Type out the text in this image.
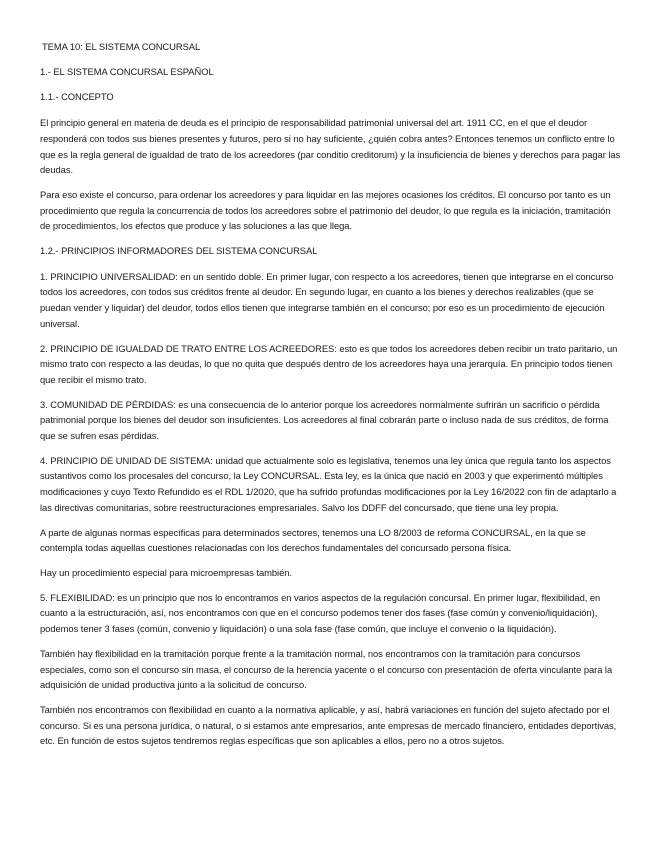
TEMA 10: EL SISTEMA CONCURSAL
1.- EL SISTEMA CONCURSAL ESPAÑOL
1.1.- CONCEPTO

El principio general en materia de deuda es el principio de responsabilidad patrimonial universal del art. 1911 CC, en el que el deudor responderá con todos sus bienes presentes y futuros, pero si no hay suficiente, ¿quién cobra antes? Entonces tenemos un conflicto entre lo que es la regla general de igualdad de trato de los acreedores (par conditio creditorum) y la insuficiencia de bienes y derechos para pagar las deudas.

Para eso existe el concurso, para ordenar los acreedores y para liquidar en las mejores ocasiones los créditos. El concurso por tanto es un procedimiento que regula la concurrencia de todos los acreedores sobre el patrimonio del deudor, lo que regula es la iniciación, tramitación de procedimientos, los efectos que produce y las soluciones a las que llega.

1.2.- PRINCIPIOS INFORMADORES DEL SISTEMA CONCURSAL

1. PRINCIPIO UNIVERSALIDAD: en un sentido doble. En primer lugar, con respecto a los acreedores, tienen que integrarse en el concurso todos los acreedores, con todos sus créditos frente al deudor. En segundo lugar, en cuanto a los bienes y derechos realizables (que se puedan vender y liquidar) del deudor, todos ellos tienen que integrarse también en el concurso; por eso es un procedimiento de ejecución universal.

2. PRINCIPIO DE IGUALDAD DE TRATO ENTRE LOS ACREEDORES: esto es que todos los acreedores deben recibir un trato paritario, un mismo trato con respecto a las deudas, lo que no quita que después dentro de los acreedores haya una jerarquía. En principio todos tienen que recibir el mismo trato.

3. COMUNIDAD DE PÉRDIDAS: es una consecuencia de lo anterior porque los acreedores normalmente sufrirán un sacrificio o pérdida patrimonial porque los bienes del deudor son insuficientes. Los acreedores al final cobrarán parte o incluso nada de sus créditos, de forma que se sufren esas pérdidas.

4. PRINCIPIO DE UNIDAD DE SISTEMA: unidad que actualmente solo es legislativa, tenemos una ley única que regula tanto los aspectos sustantivos como los procesales del concurso, la Ley CONCURSAL. Esta ley, es la única que nació en 2003 y que experimentó múltiples modificaciones y cuyo Texto Refundido es el RDL 1/2020, que ha sufrido profundas modificaciones por la Ley 16/2022 con fin de adaptarlo a las directivas comunitarias, sobre reestructuraciones empresariales. Salvo los DDFF del concursado, que tiene una ley propia.

A parte de algunas normas específicas para determinados sectores, tenemos una LO 8/2003 de reforma CONCURSAL, en la que se contempla todas aquellas cuestiones relacionadas con los derechos fundamentales del concursado persona física.

Hay un procedimiento especial para microempresas también.

5. FLEXIBILIDAD: es un principio que nos lo encontramos en varios aspectos de la regulación concursal. En primer lugar, flexibilidad, en cuanto a la estructuración, así, nos encontramos con que en el concurso podemos tener dos fases (fase común y convenio/liquidación), podemos tener 3 fases (común, convenio y liquidación) o una sola fase (fase común, que incluye el convenio o la liquidación).

También hay flexibilidad en la tramitación porque frente a la tramitación normal, nos encontramos con la tramitación para concursos especiales, como son el concurso sin masa, el concurso de la herencia yacente o el concurso con presentación de oferta vinculante para la adquisición de unidad productiva junto a la solicitud de concurso.

También nos encontramos con flexibilidad en cuanto a la normativa aplicable, y así, habrá variaciones en función del sujeto afectado por el concurso. Si es una persona jurídica, o natural, o si estamos ante empresarios, ante empresas de mercado financiero, entidades deportivas, etc. En función de estos sujetos tendremos reglas específicas que son aplicables a ellos, pero no a otros sujetos.
